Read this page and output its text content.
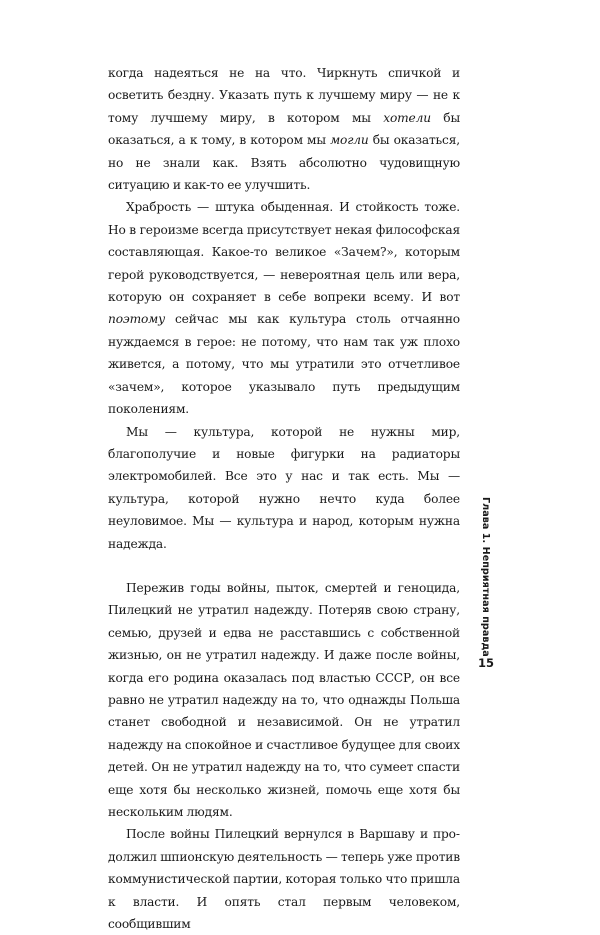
когда надеяться не на что. Чиркнуть спичкой и осветить бездну. Указать путь к лучшему миру — не к тому лучшему миру, в котором мы хотели бы оказаться, а к тому, в котором мы могли бы оказаться, но не знали как. Взять абсолютно чудовищную ситуацию и как-то ее улучшить.

Храбрость — штука обыденная. И стойкость тоже. Но в героизме всегда присутствует некая философская составляющая. Какое-то великое «Зачем?», которым герой руководствуется, — невероятная цель или вера, которую он сохраняет в себе вопреки всему. И вот поэтому сейчас мы как культура столь отчаянно нуждаемся в герое: не потому, что нам так уж плохо живется, а потому, что мы утратили это отчетливое «зачем», которое указывало путь предыдущим поколениям.

Мы — культура, которой не нужны мир, благополучие и новые фигурки на радиаторы электромобилей. Все это у нас и так есть. Мы — культура, которой нужно нечто куда более неуловимое. Мы — культура и народ, которым нужна надежда.

Пережив годы войны, пыток, смертей и геноцида, Пилецкий не утратил надежду. Потеряв свою страну, семью, друзей и едва не расставшись с собственной жизнью, он не утратил надежду. И даже после войны, когда его родина оказалась под властью СССР, он все равно не утратил надежду на то, что однажды Польша станет свободной и независимой. Он не утратил надежду на спокойное и счастливое будущее для своих детей. Он не утратил надежду на то, что сумеет спасти еще хотя бы несколько жизней, помочь еще хотя бы нескольким людям.

После войны Пилецкий вернулся в Варшаву и продолжил шпионскую деятельность — теперь уже против коммунистической партии, которая только что пришла к власти. И опять стал первым человеком, сообщившим

Глава 1. Неприятная правда
15
